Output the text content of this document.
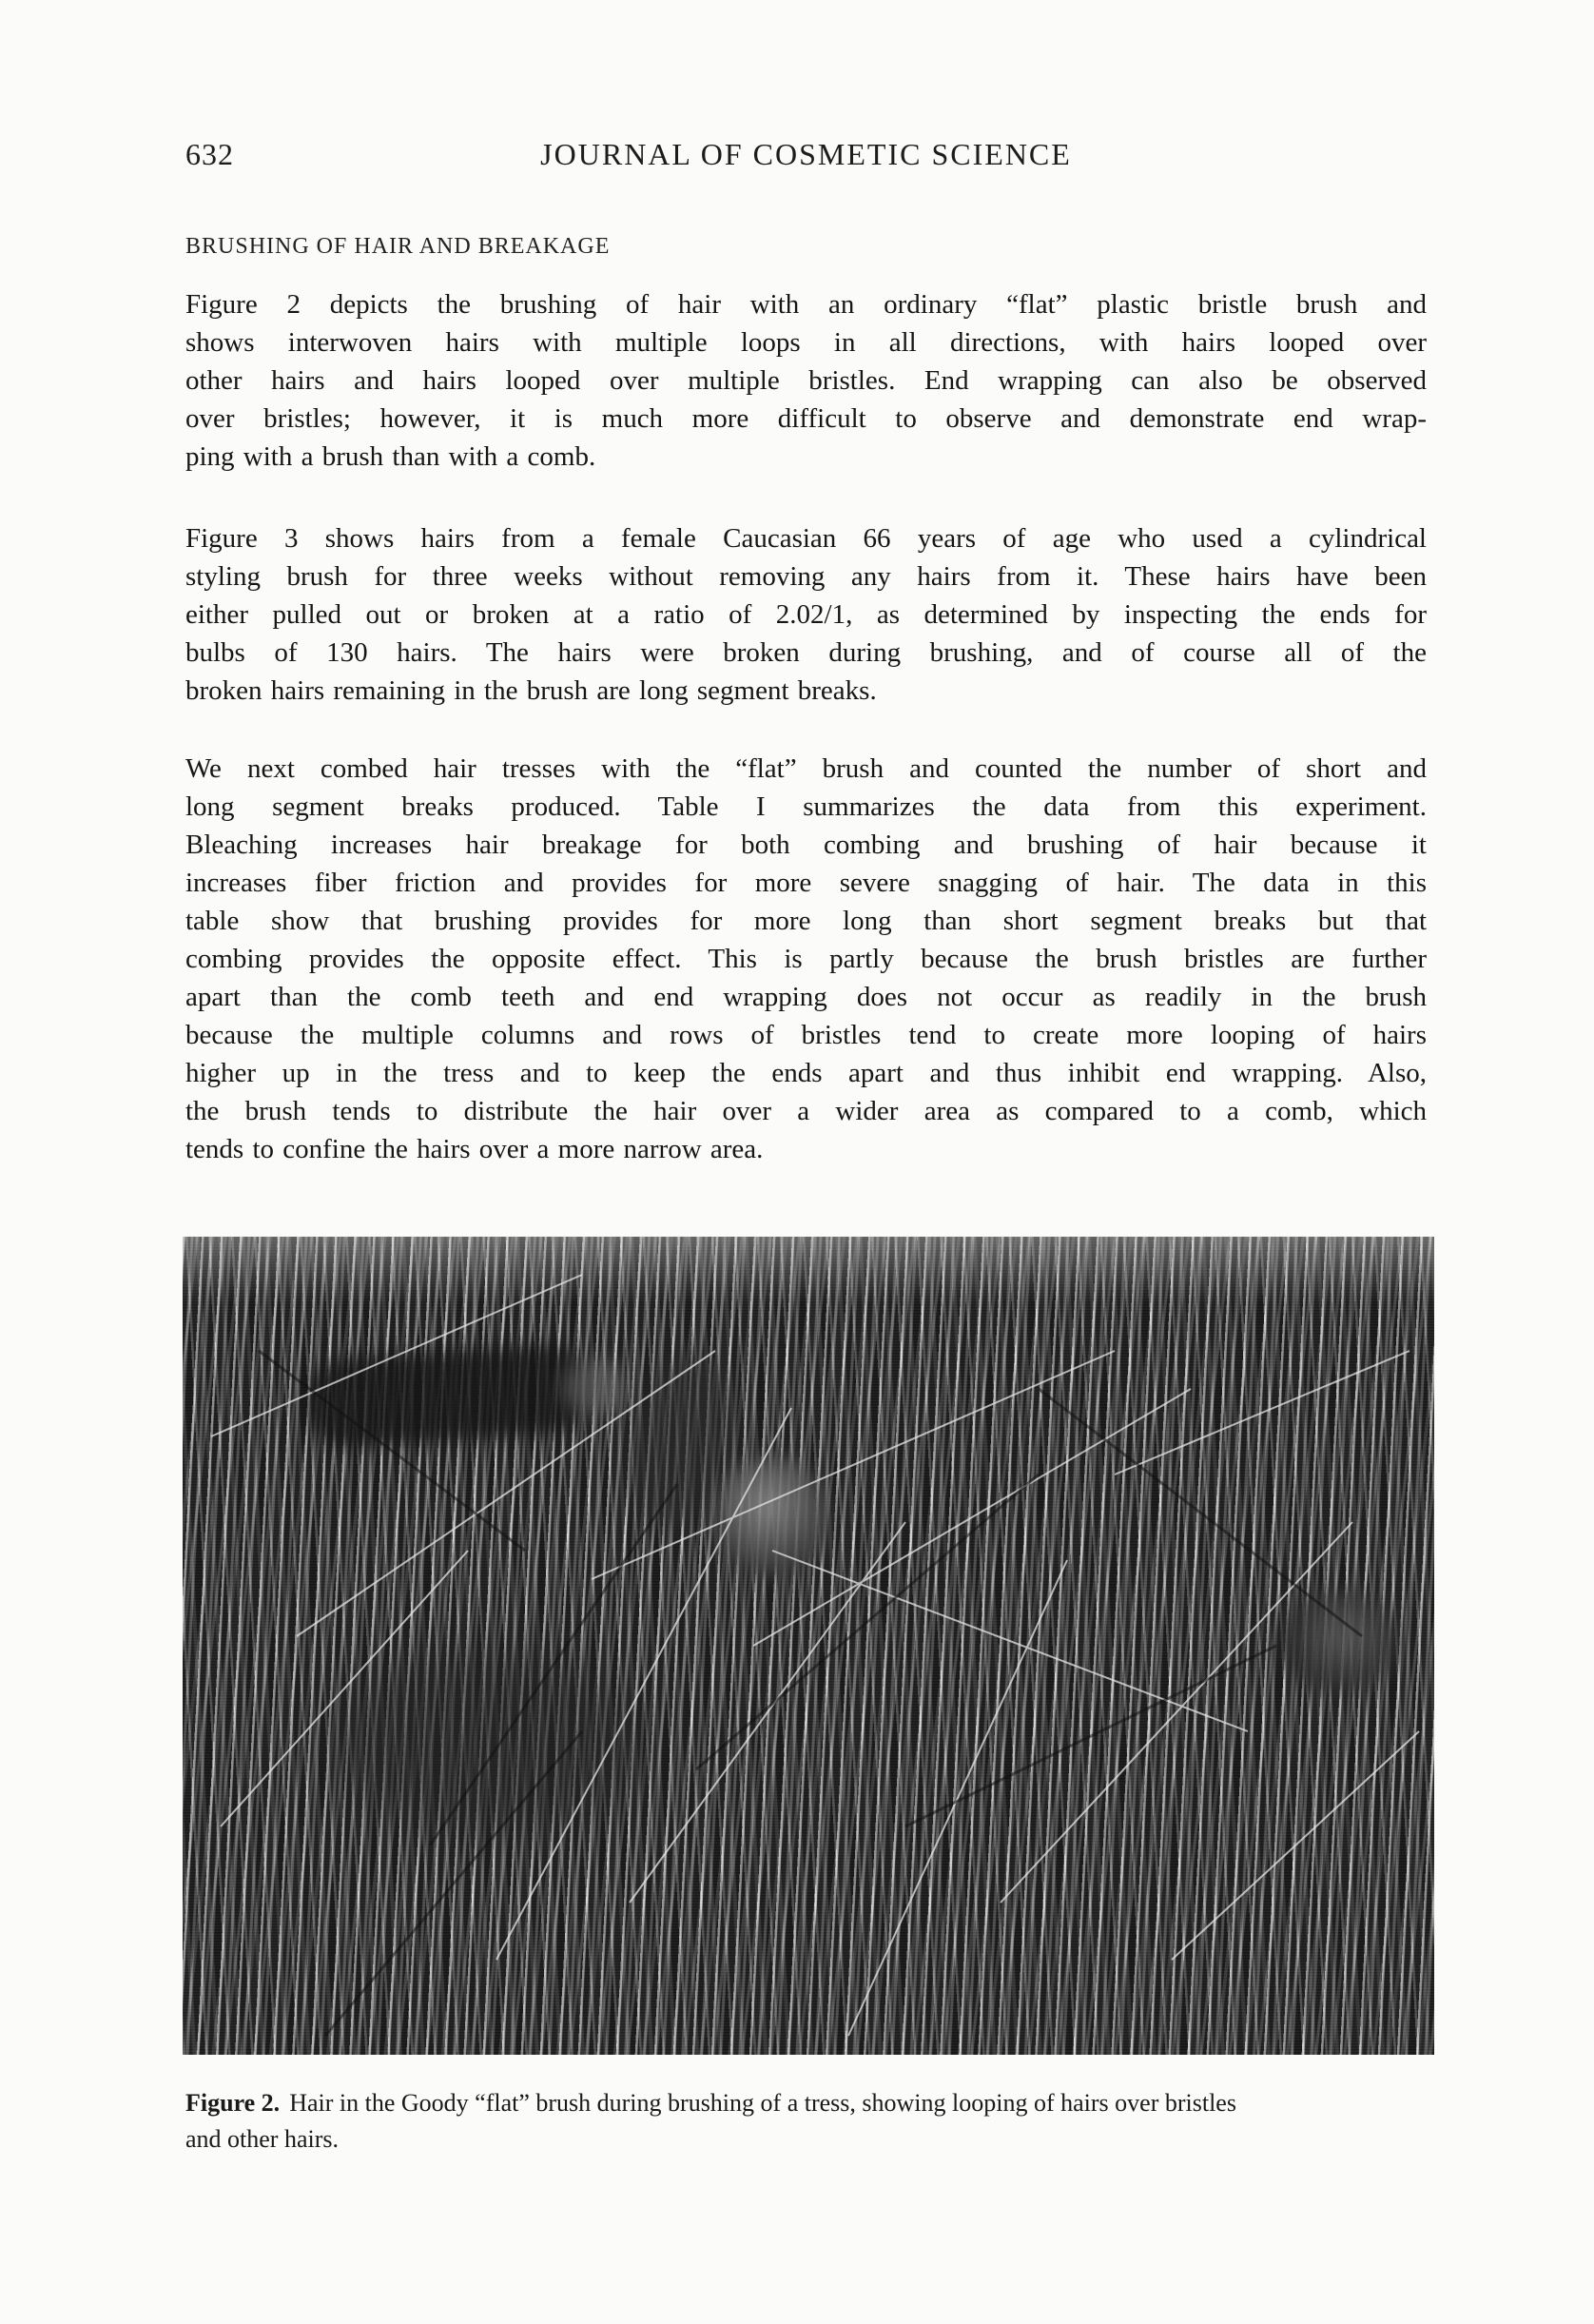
632	JOURNAL OF COSMETIC SCIENCE
BRUSHING OF HAIR AND BREAKAGE
Figure 2 depicts the brushing of hair with an ordinary “flat” plastic bristle brush and
shows interwoven hairs with multiple loops in all directions, with hairs looped over
other hairs and hairs looped over multiple bristles. End wrapping can also be observed
over bristles; however, it is much more difficult to observe and demonstrate end wrap-
ping with a brush than with a comb.
Figure 3 shows hairs from a female Caucasian 66 years of age who used a cylindrical
styling brush for three weeks without removing any hairs from it. These hairs have been
either pulled out or broken at a ratio of 2.02/1, as determined by inspecting the ends for
bulbs of 130 hairs. The hairs were broken during brushing, and of course all of the
broken hairs remaining in the brush are long segment breaks.
We next combed hair tresses with the “flat” brush and counted the number of short and
long segment breaks produced. Table I summarizes the data from this experiment.
Bleaching increases hair breakage for both combing and brushing of hair because it
increases fiber friction and provides for more severe snagging of hair. The data in this
table show that brushing provides for more long than short segment breaks but that
combing provides the opposite effect. This is partly because the brush bristles are further
apart than the comb teeth and end wrapping does not occur as readily in the brush
because the multiple columns and rows of bristles tend to create more looping of hairs
higher up in the tress and to keep the ends apart and thus inhibit end wrapping. Also,
the brush tends to distribute the hair over a wider area as compared to a comb, which
tends to confine the hairs over a more narrow area.
Figure 2. Hair in the Goody “flat” brush during brushing of a tress, showing looping of hairs over bristles
and other hairs.
